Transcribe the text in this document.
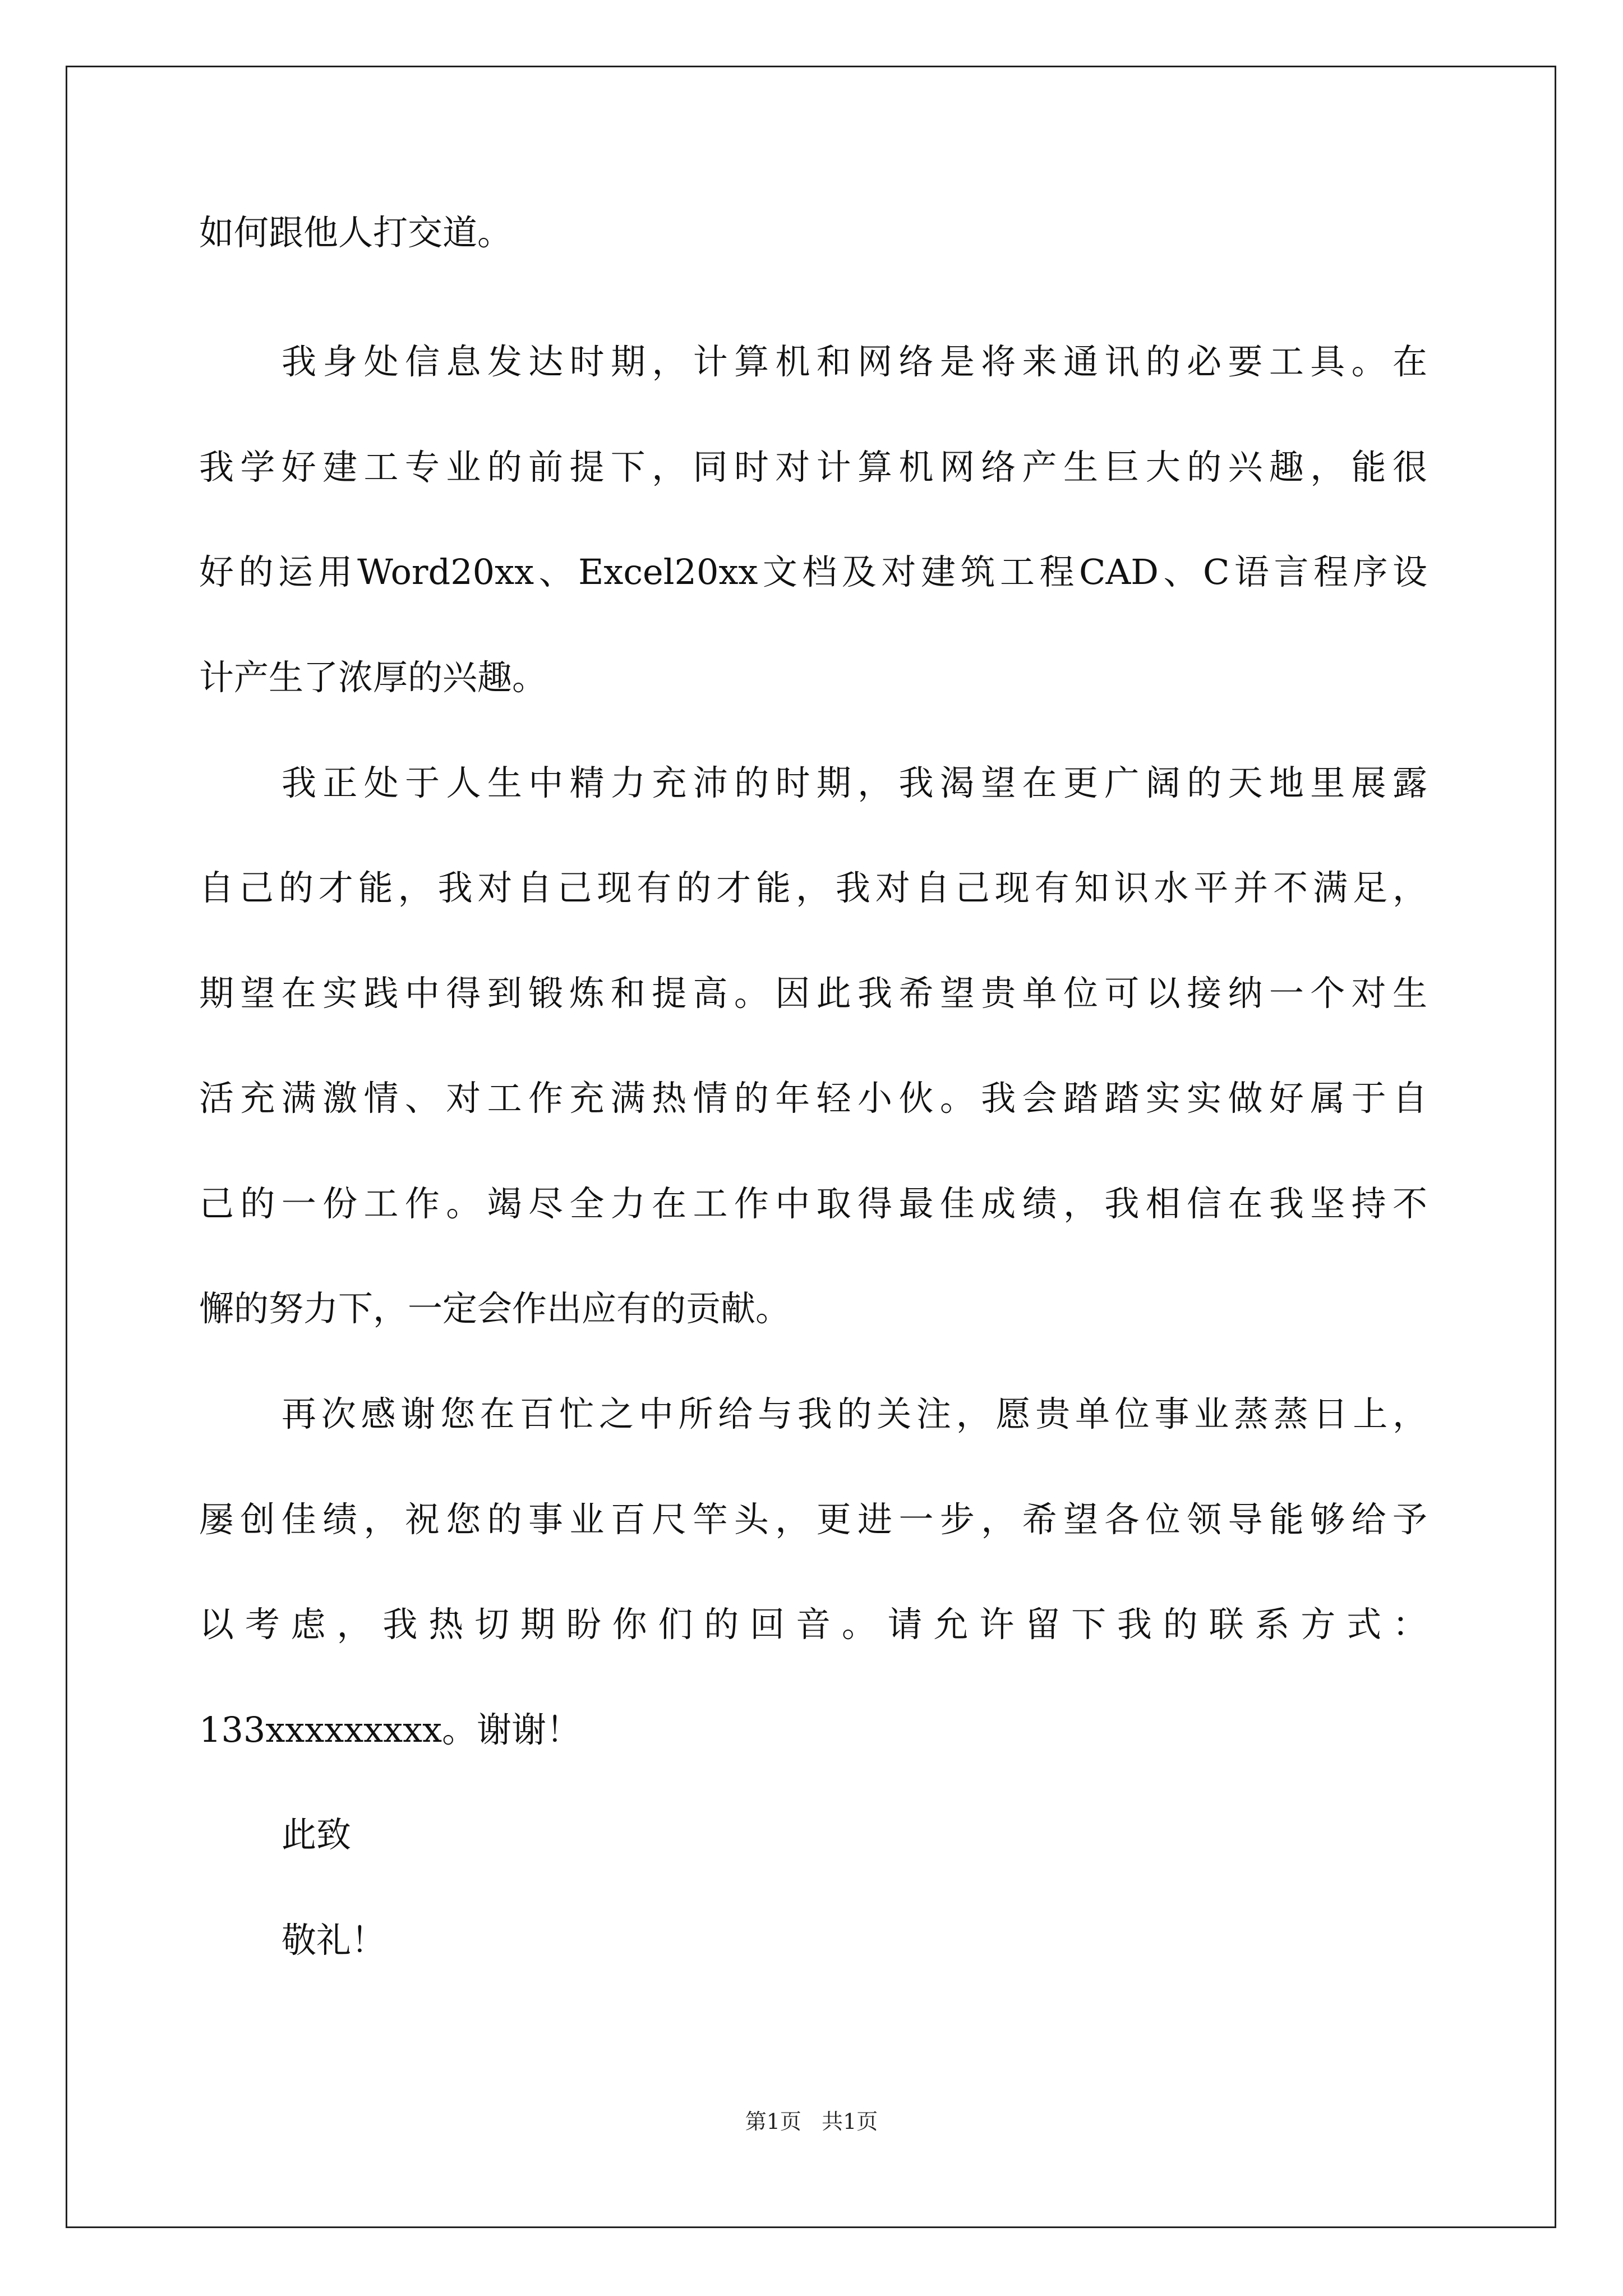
如何跟他人打交道。
我身处信息发达时期，计算机和网络是将来通讯的必要工具。在
我学好建工专业的前提下，同时对计算机网络产生巨大的兴趣，能很
好的运用Word20xx、Excel20xx文档及对建筑工程CAD、C语言程序设
计产生了浓厚的兴趣。
我正处于人生中精力充沛的时期，我渴望在更广阔的天地里展露
自己的才能，我对自己现有的才能，我对自己现有知识水平并不满足，
期望在实践中得到锻炼和提高。因此我希望贵单位可以接纳一个对生
活充满激情、对工作充满热情的年轻小伙。我会踏踏实实做好属于自
己的一份工作。竭尽全力在工作中取得最佳成绩，我相信在我坚持不
懈的努力下，一定会作出应有的贡献。
再次感谢您在百忙之中所给与我的关注，愿贵单位事业蒸蒸日上，
屡创佳绩，祝您的事业百尺竿头，更进一步，希望各位领导能够给予
以考虑，我热切期盼你们的回音。请允许留下我的联系方式：
133xxxxxxxxx。谢谢！
此致
敬礼！
第1页   共1页
